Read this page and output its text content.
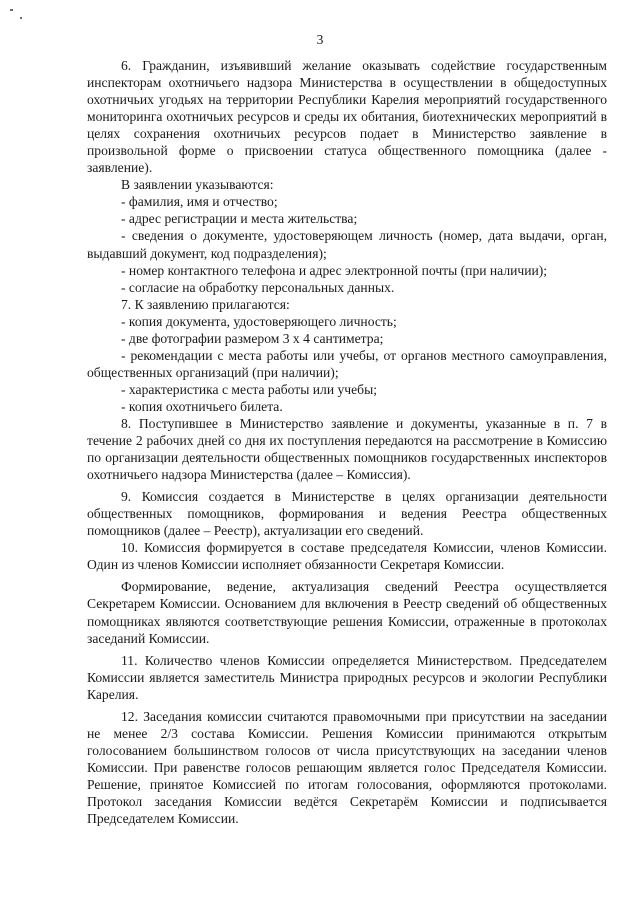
3

6. Гражданин, изъявивший желание оказывать содействие государственным инспекторам охотничьего надзора Министерства в осуществлении в общедоступных охотничьих угодьях на территории Республики Карелия мероприятий государственного мониторинга охотничьих ресурсов и среды их обитания, биотехнических мероприятий в целях сохранения охотничьих ресурсов подает в Министерство заявление в произвольной форме о присвоении статуса общественного помощника (далее - заявление).

В заявлении указываются:

- фамилия, имя и отчество;

- адрес регистрации и места жительства;

- сведения о документе, удостоверяющем личность (номер, дата выдачи, орган, выдавший документ, код подразделения);

- номер контактного телефона и адрес электронной почты (при наличии);

- согласие на обработку персональных данных.

7. К заявлению прилагаются:

- копия документа, удостоверяющего личность;

- две фотографии размером 3 х 4 сантиметра;

- рекомендации с места работы или учебы, от органов местного самоуправления, общественных организаций (при наличии);

- характеристика с места работы или учебы;

- копия охотничьего билета.

8. Поступившее в Министерство заявление и документы, указанные в п. 7 в течение 2 рабочих дней со дня их поступления передаются на рассмотрение в Комиссию по организации деятельности общественных помощников государственных инспекторов охотничьего надзора Министерства (далее – Комиссия).

9. Комиссия создается в Министерстве в целях организации деятельности общественных помощников, формирования и ведения Реестра общественных помощников (далее – Реестр), актуализации его сведений.

10. Комиссия формируется в составе председателя Комиссии, членов Комиссии. Один из членов Комиссии исполняет обязанности Секретаря Комиссии.

Формирование, ведение, актуализация сведений Реестра осуществляется Секретарем Комиссии. Основанием для включения в Реестр сведений об общественных помощниках являются соответствующие решения Комиссии, отраженные в протоколах заседаний Комиссии.

11. Количество членов Комиссии определяется Министерством. Председателем Комиссии является заместитель Министра природных ресурсов и экологии Республики Карелия.

12. Заседания комиссии считаются правомочными при присутствии на заседании не менее 2/3 состава Комиссии. Решения Комиссии принимаются открытым голосованием большинством голосов от числа присутствующих на заседании членов Комиссии. При равенстве голосов решающим является голос Председателя Комиссии. Решение, принятое Комиссией по итогам голосования, оформляются протоколами. Протокол заседания Комиссии ведётся Секретарём Комиссии и подписывается Председателем Комиссии.
